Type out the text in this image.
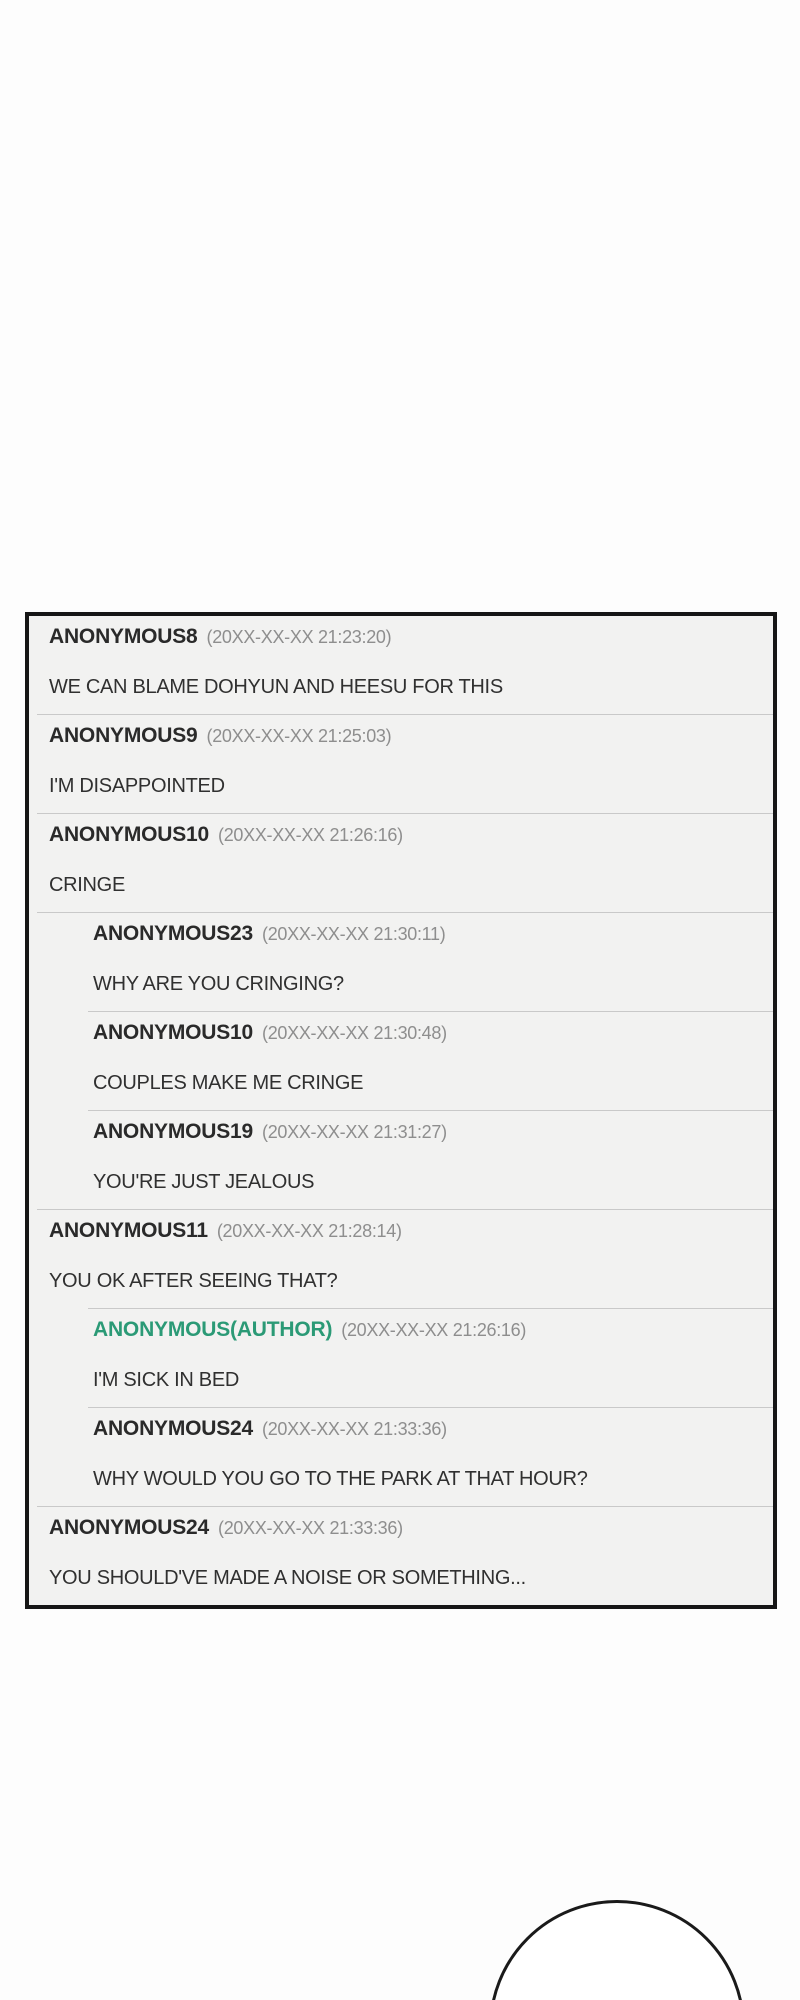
ANONYMOUS8 (20XX-XX-XX 21:23:20)
WE CAN BLAME DOHYUN AND HEESU FOR THIS
ANONYMOUS9 (20XX-XX-XX 21:25:03)
I'M DISAPPOINTED
ANONYMOUS10 (20XX-XX-XX 21:26:16)
CRINGE
ANONYMOUS23 (20XX-XX-XX 21:30:11)
WHY ARE YOU CRINGING?
ANONYMOUS10 (20XX-XX-XX 21:30:48)
COUPLES MAKE ME CRINGE
ANONYMOUS19 (20XX-XX-XX 21:31:27)
YOU'RE JUST JEALOUS
ANONYMOUS11 (20XX-XX-XX 21:28:14)
YOU OK AFTER SEEING THAT?
ANONYMOUS(AUTHOR) (20XX-XX-XX 21:26:16)
I'M SICK IN BED
ANONYMOUS24 (20XX-XX-XX 21:33:36)
WHY WOULD YOU GO TO THE PARK AT THAT HOUR?
ANONYMOUS24 (20XX-XX-XX 21:33:36)
YOU SHOULD'VE MADE A NOISE OR SOMETHING...
